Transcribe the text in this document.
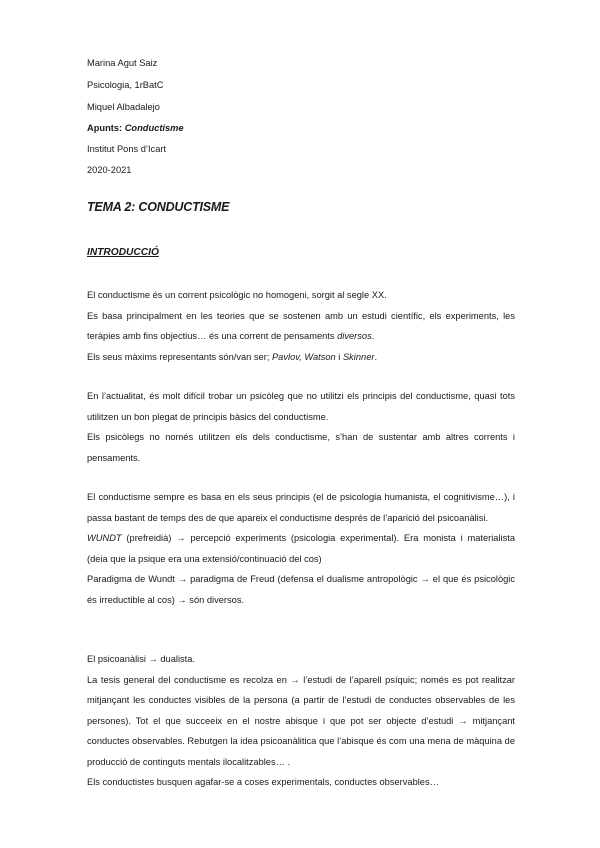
Marina Agut Saiz
Psicologia, 1rBatC
Miquel Albadalejo
Apunts: Conductisme
Institut Pons d’Icart
2020-2021
TEMA 2: CONDUCTISME
INTRODUCCIÓ

El conductisme és un corrent psicològic no homogeni, sorgit al segle XX.

Es basa principalment en les teories que se sostenen amb un estudi científic, els experiments, les teràpies amb fins objectius… és una corrent de pensaments diversos.

Els seus màxims representants són/van ser; Pavlov, Watson i Skinner.

En l’actualitat, és molt difícil trobar un psicòleg que no utilitzi els principis del conductisme, quasi tots utilitzen un bon plegat de principis bàsics del conductisme.

Els psicòlegs no només utilitzen els dels conductisme, s’han de sustentar amb altres corrents i pensaments.

El conductisme sempre es basa en els seus principis (el de psicologia humanista, el cognitivisme…), i passa bastant de temps des de que apareix el conductisme després de l’aparició del psicoanàlisi.

WUNDT (prefreidià) → percepció experiments (psicologia experimental). Era monista i materialista (deia que la psique era una extensió/continuació del cos)

Paradigma de Wundt → paradigma de Freud (defensa el dualisme antropològic → el que és psicològic és irreductible al cos) → són diversos.

El psicoanàlisi → dualista.

La tesis general del conductisme es recolza en → l’estudi de l’aparell psíquic; només es pot realitzar mitjançant les conductes visibles de la persona (a partir de l’estudi de conductes observables de les persones). Tot el que succeeix en el nostre abisque i que pot ser objecte d’estudi → mitjançant conductes observables. Rebutgen la idea psicoanàlitica que l’abisque és com una mena de màquina de producció de continguts mentals ilocalitzables… .

Els conductistes busquen agafar-se a coses experimentals, conductes observables…
